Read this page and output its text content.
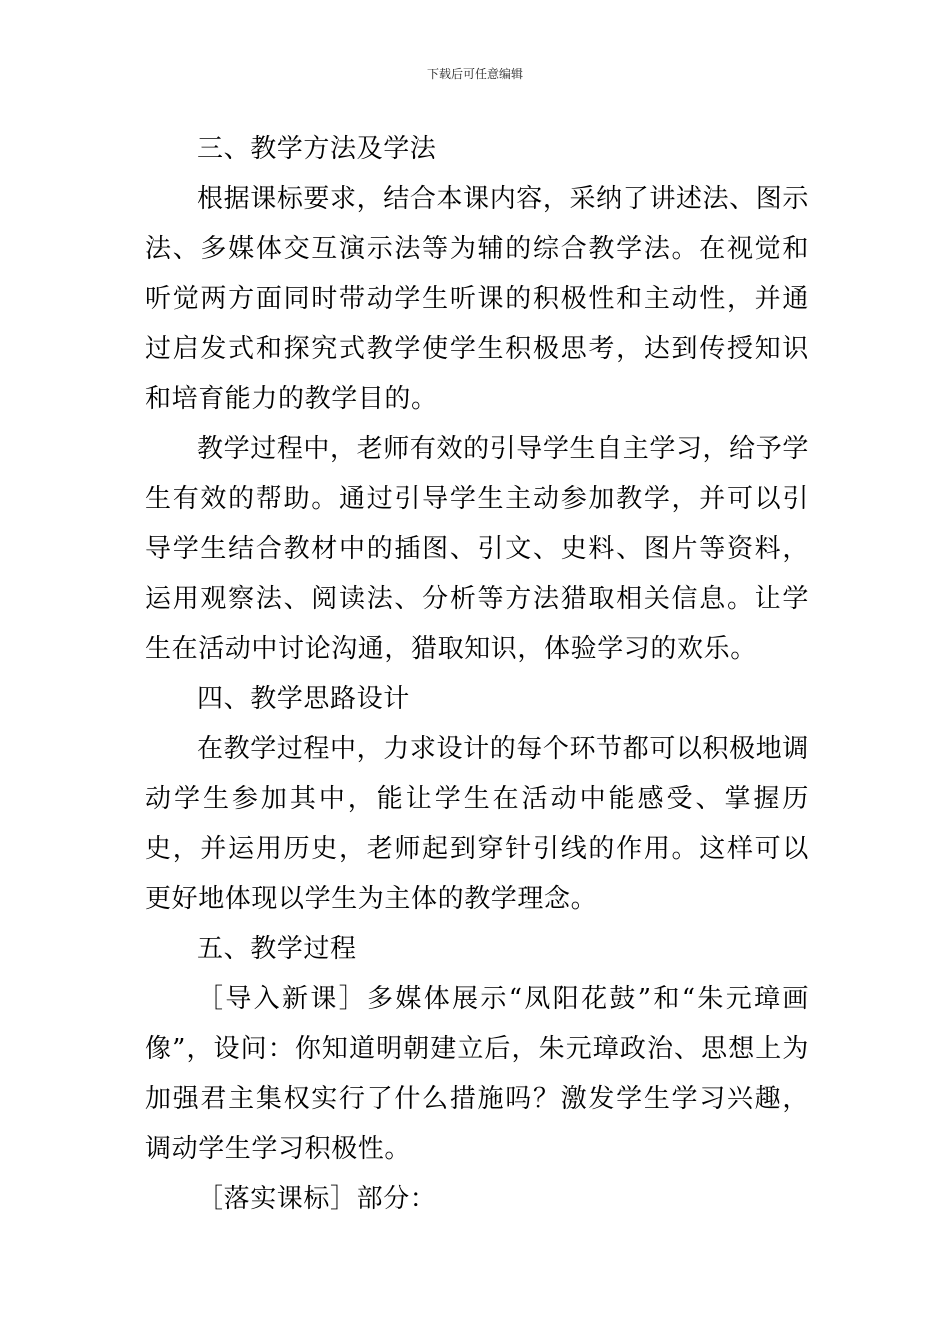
下载后可任意编辑

三、教学方法及学法

根据课标要求，结合本课内容，采纳了讲述法、图示法、多媒体交互演示法等为辅的综合教学法。在视觉和听觉两方面同时带动学生听课的积极性和主动性，并通过启发式和探究式教学使学生积极思考，达到传授知识和培育能力的教学目的。

教学过程中，老师有效的引导学生自主学习，给予学生有效的帮助。通过引导学生主动参加教学，并可以引导学生结合教材中的插图、引文、史料、图片等资料，运用观察法、阅读法、分析等方法猎取相关信息。让学生在活动中讨论沟通，猎取知识，体验学习的欢乐。

四、教学思路设计

在教学过程中，力求设计的每个环节都可以积极地调动学生参加其中，能让学生在活动中能感受、掌握历史，并运用历史，老师起到穿针引线的作用。这样可以更好地体现以学生为主体的教学理念。

五、教学过程

［导入新课］多媒体展示“凤阳花鼓”和“朱元璋画像”，设问：你知道明朝建立后，朱元璋政治、思想上为加强君主集权实行了什么措施吗？激发学生学习兴趣，调动学生学习积极性。

［落实课标］部分：
